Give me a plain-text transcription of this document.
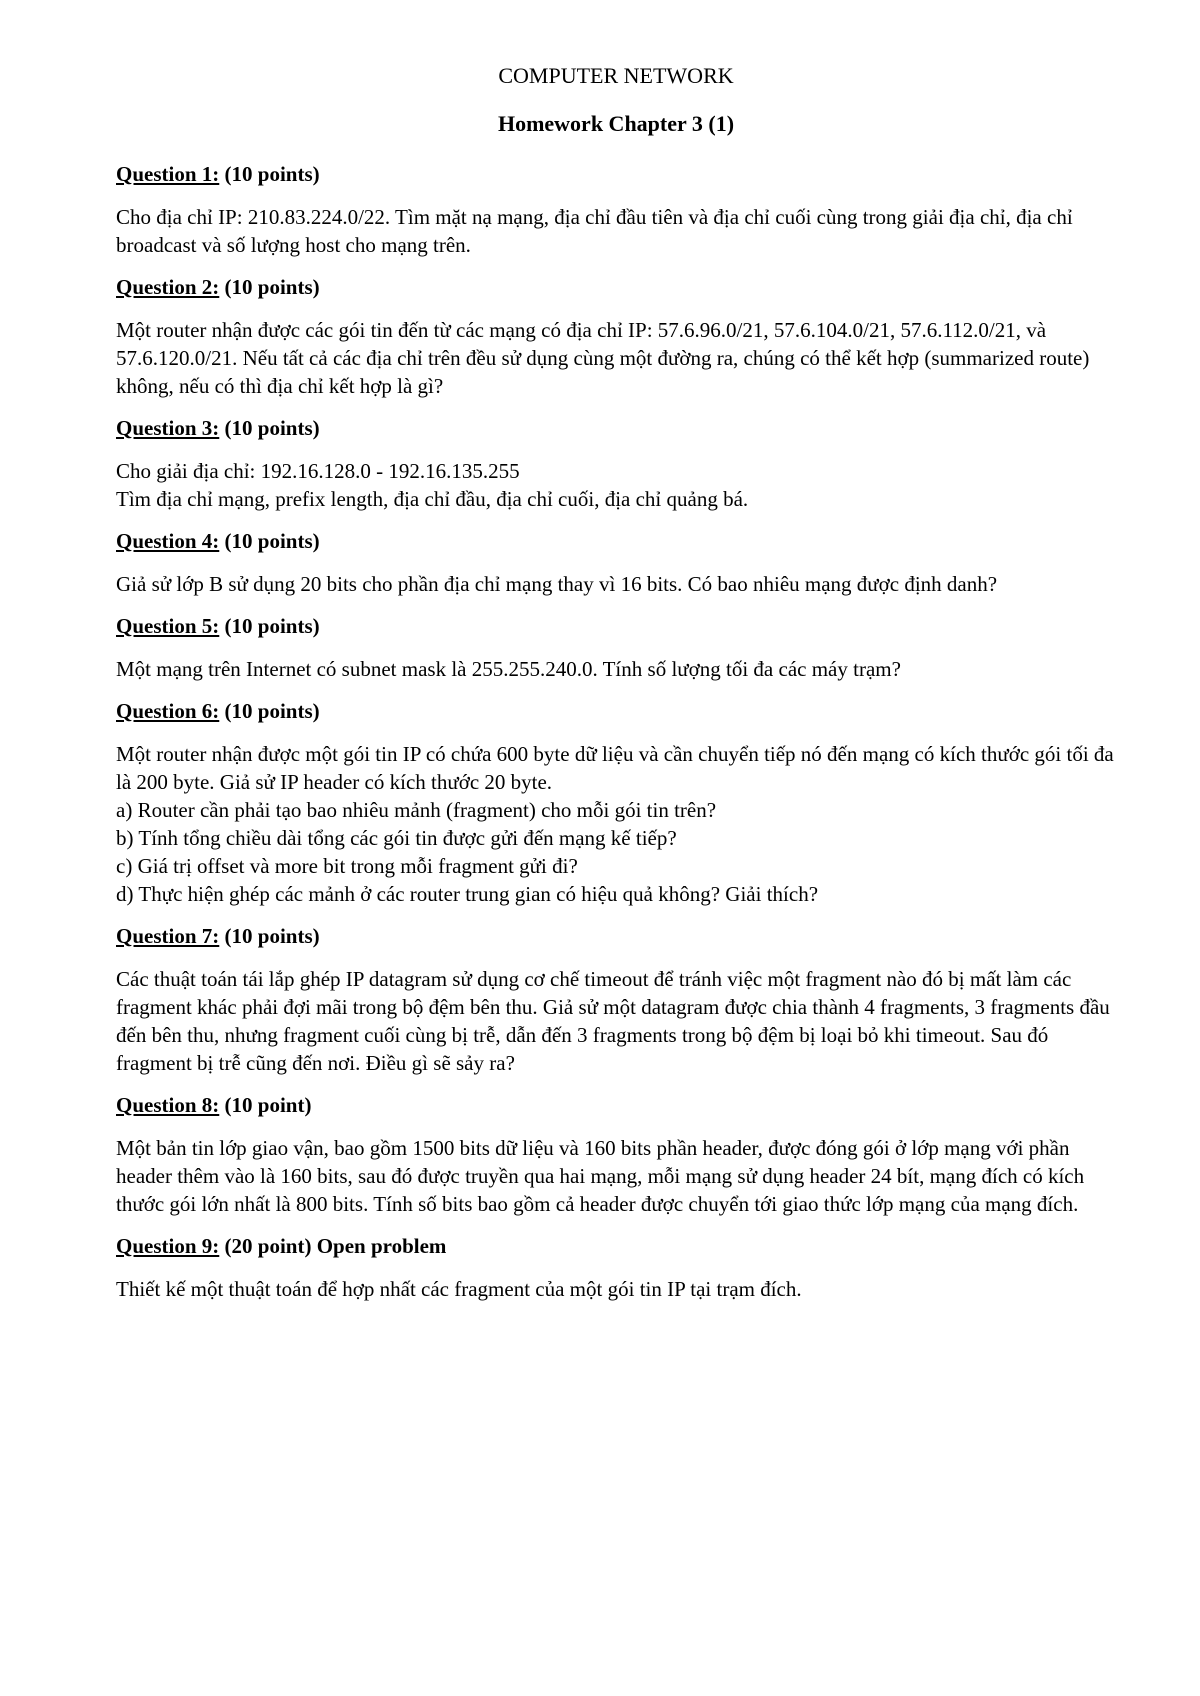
COMPUTER NETWORK
Homework Chapter 3 (1)
Question 1: (10 points)
Cho địa chỉ IP: 210.83.224.0/22. Tìm mặt nạ mạng, địa chỉ đầu tiên và địa chỉ cuối cùng trong giải địa chỉ, địa chỉ broadcast và số lượng host cho mạng trên.
Question 2: (10 points)
Một router nhận được các gói tin đến từ các mạng có địa chỉ IP: 57.6.96.0/21, 57.6.104.0/21, 57.6.112.0/21, và 57.6.120.0/21. Nếu tất cả các địa chỉ trên đều sử dụng cùng một đường ra, chúng có thể kết hợp (summarized route) không, nếu có thì địa chỉ kết hợp là gì?
Question 3: (10 points)
Cho giải địa chỉ: 192.16.128.0 - 192.16.135.255
Tìm địa chỉ mạng, prefix length, địa chỉ đầu, địa chỉ cuối, địa chỉ quảng bá.
Question 4: (10 points)
Giả sử lớp B sử dụng 20 bits cho phần địa chỉ mạng thay vì 16 bits. Có bao nhiêu mạng được định danh?
Question 5: (10 points)
Một mạng trên Internet có subnet mask là 255.255.240.0. Tính số lượng tối đa các máy trạm?
Question 6: (10 points)
Một router nhận được một gói tin IP có chứa 600 byte dữ liệu và cần chuyển tiếp nó đến mạng có kích thước gói tối đa là 200 byte. Giả sử IP header có kích thước 20 byte.
a) Router cần phải tạo bao nhiêu mảnh (fragment) cho mỗi gói tin trên?
b) Tính tổng chiều dài tổng các gói tin được gửi đến mạng kế tiếp?
c) Giá trị offset và more bit trong mỗi fragment gửi đi?
d) Thực hiện ghép các mảnh ở các router trung gian có hiệu quả không? Giải thích?
Question 7: (10 points)
Các thuật toán tái lắp ghép IP datagram sử dụng cơ chế timeout để tránh việc một fragment nào đó bị mất làm các fragment khác phải đợi mãi trong bộ đệm bên thu. Giả sử một datagram được chia thành 4 fragments, 3 fragments đầu đến bên thu, nhưng fragment cuối cùng bị trễ, dẫn đến 3 fragments trong bộ đệm bị loại bỏ khi timeout. Sau đó fragment bị trễ cũng đến nơi. Điều gì sẽ sảy ra?
Question 8: (10 point)
Một bản tin lớp giao vận, bao gồm 1500 bits dữ liệu và 160 bits phần header, được đóng gói ở lớp mạng với phần header thêm vào là 160 bits, sau đó được truyền qua hai mạng, mỗi mạng sử dụng header 24 bít, mạng đích có kích thước gói lớn nhất là 800 bits. Tính số bits bao gồm cả header được chuyển tới giao thức lớp mạng của mạng đích.
Question 9: (20 point) Open problem
Thiết kế một thuật toán để hợp nhất các fragment của một gói tin IP tại trạm đích.
